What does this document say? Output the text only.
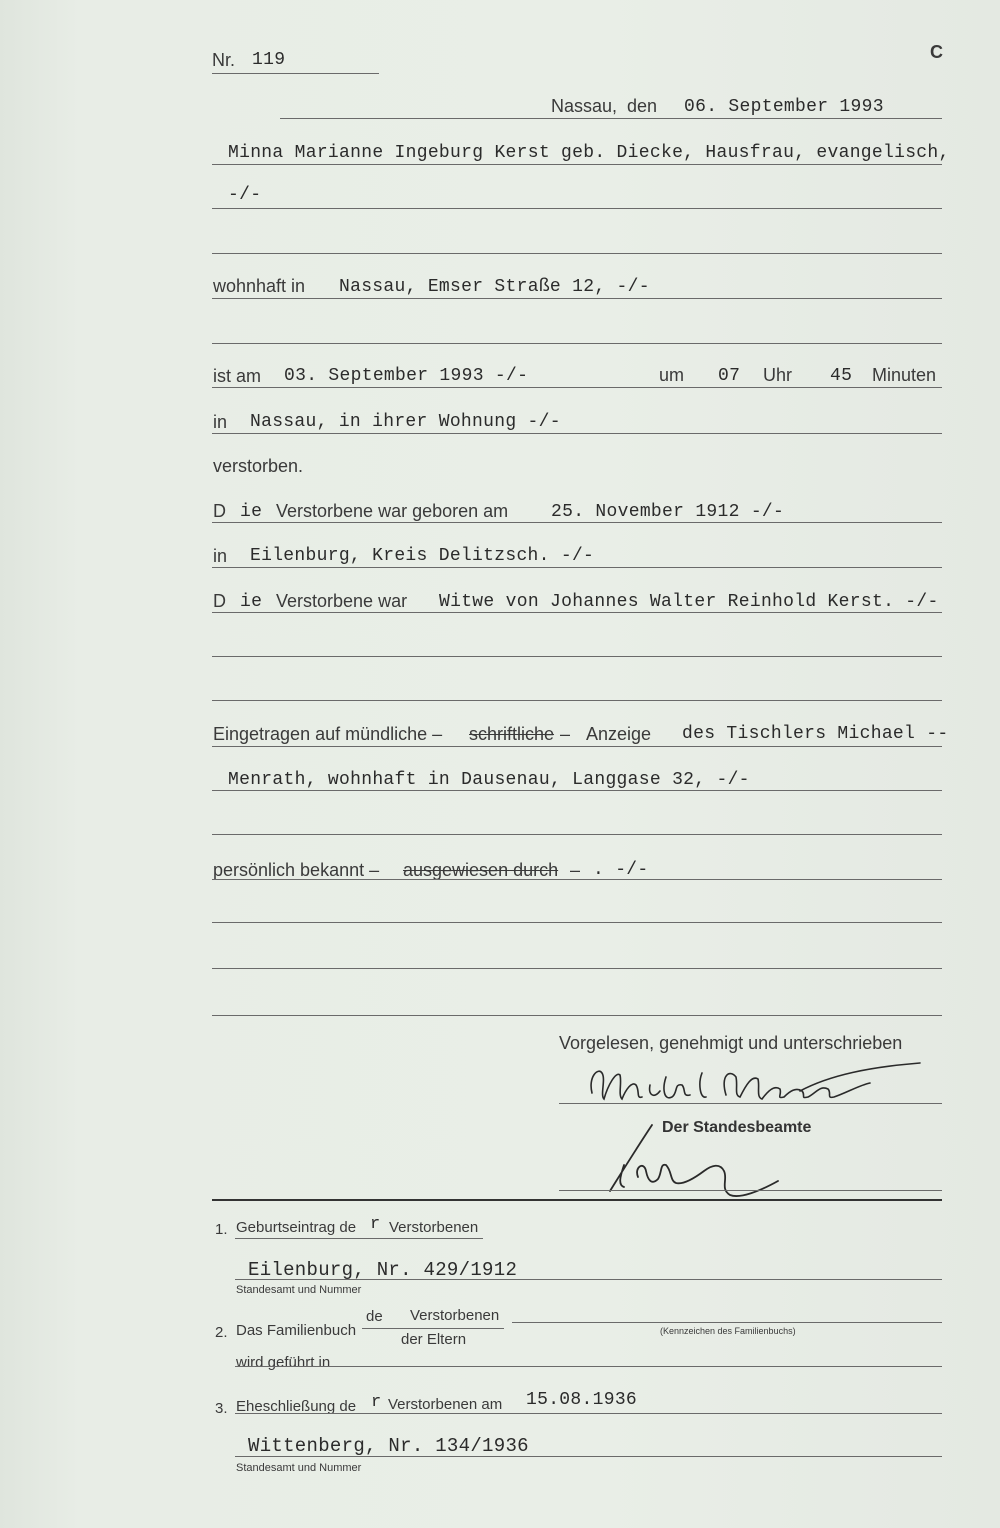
C
Nr. 119
Nassau, den 06. September 1993
Minna Marianne Ingeburg Kerst geb. Diecke, Hausfrau, evangelisch,
-/-
wohnhaft in Nassau, Emser Straße 12, -/-
ist am 03. September 1993 -/-	um 07 Uhr 45 Minuten
in Nassau, in ihrer Wohnung -/-
verstorben.
D ie Verstorbene war geboren am 25. November 1912 -/-
in Eilenburg, Kreis Delitzsch. -/-
D ie Verstorbene war Witwe von Johannes Walter Reinhold Kerst. -/-
Eingetragen auf mündliche – schriftliche – Anzeige des Tischlers Michael --
Menrath, wohnhaft in Dausenau, Langgase 32, -/-
persönlich bekannt – ausgewiesen durch – . -/-
Vorgelesen, genehmigt und unterschrieben
Der Standesbeamte
1. Geburtseintrag de r Verstorbenen
Eilenburg, Nr. 429/1912
Standesamt und Nummer
2. Das Familienbuch
de Verstorbenen
der Eltern	(Kennzeichen des Familienbuchs)
wird geführt in
3. Eheschließung de r Verstorbenen am 15.08.1936
Wittenberg, Nr. 134/1936
Standesamt und Nummer
